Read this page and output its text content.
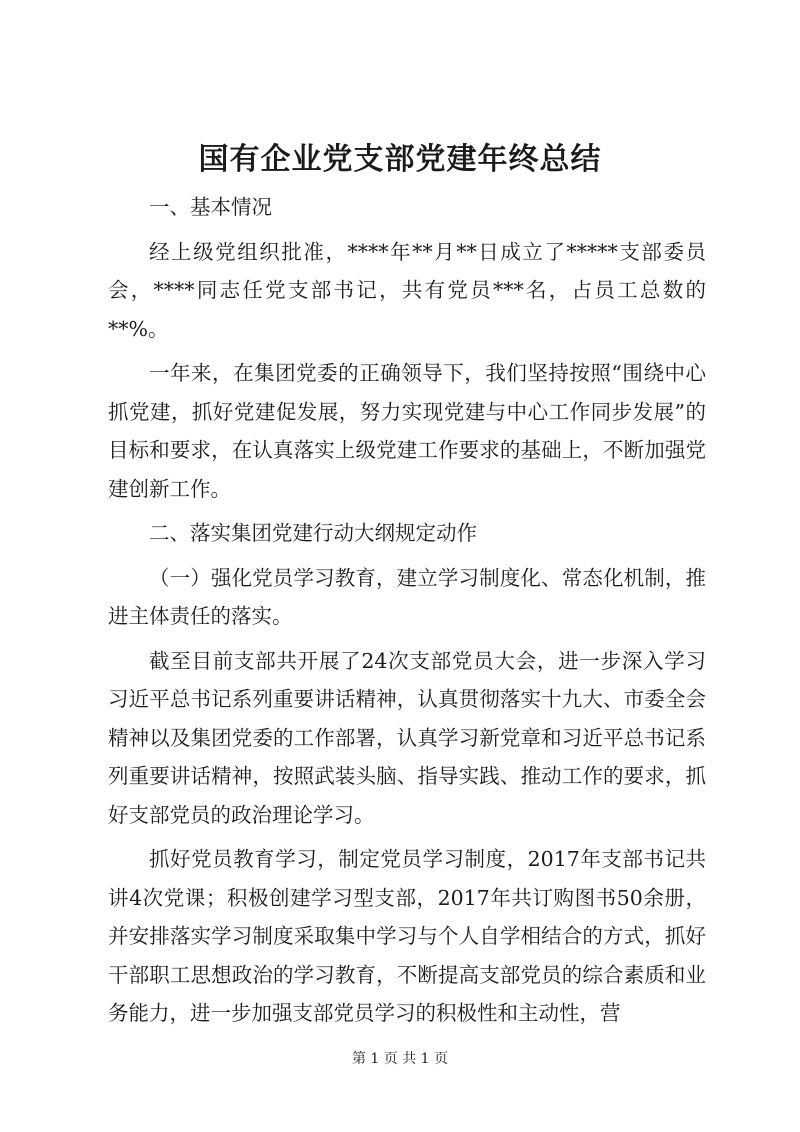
国有企业党支部党建年终总结

一、基本情况

经上级党组织批准，****年**月**日成立了*****支部委员会，****同志任党支部书记，共有党员***名，占员工总数的**%。

一年来，在集团党委的正确领导下，我们坚持按照“围绕中心抓党建，抓好党建促发展，努力实现党建与中心工作同步发展”的目标和要求，在认真落实上级党建工作要求的基础上，不断加强党建创新工作。

二、落实集团党建行动大纲规定动作

（一）强化党员学习教育，建立学习制度化、常态化机制，推进主体责任的落实。

截至目前支部共开展了24次支部党员大会，进一步深入学习习近平总书记系列重要讲话精神，认真贯彻落实十九大、市委全会精神以及集团党委的工作部署，认真学习新党章和习近平总书记系列重要讲话精神，按照武装头脑、指导实践、推动工作的要求，抓好支部党员的政治理论学习。

抓好党员教育学习，制定党员学习制度，2017年支部书记共讲4次党课；积极创建学习型支部，2017年共订购图书50余册，并安排落实学习制度采取集中学习与个人自学相结合的方式，抓好干部职工思想政治的学习教育，不断提高支部党员的综合素质和业务能力，进一步加强支部党员学习的积极性和主动性，营

第 1 页 共 1 页
